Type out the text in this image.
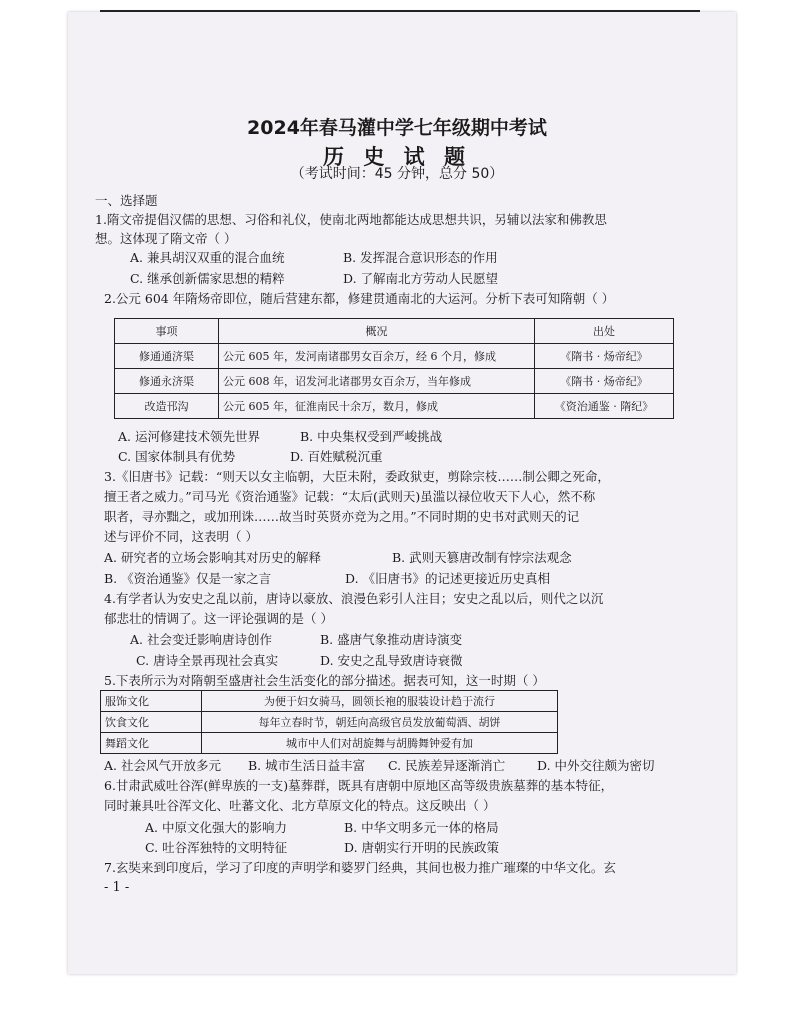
2024年春马灌中学七年级期中考试
历 史 试 题
（考试时间：45 分钟，总分 50）
一、选择题
1.隋文帝提倡汉儒的思想、习俗和礼仪，使南北两地都能达成思想共识，另辅以法家和佛教思
想。这体现了隋文帝（ ）
A. 兼具胡汉双重的混合血统	B. 发挥混合意识形态的作用
C. 继承创新儒家思想的精粹	D. 了解南北方劳动人民愿望
2.公元 604 年隋炀帝即位，随后营建东都，修建贯通南北的大运河。分析下表可知隋朝（ ）
事项	概况	出处
修通通济渠	公元 605 年，发河南诸郡男女百余万，经 6 个月，修成	《隋书 · 炀帝纪》
修通永济渠	公元 608 年，诏发河北诸郡男女百余万，当年修成	《隋书 · 炀帝纪》
改造邗沟	公元 605 年，征淮南民十余万，数月，修成	《资治通鉴 · 隋纪》
A. 运河修建技术领先世界	B. 中央集权受到严峻挑战
C. 国家体制具有优势	D. 百姓赋税沉重
3.《旧唐书》记载：“则天以女主临朝，大臣未附，委政狱吏，剪除宗枝……制公卿之死命，
擅王者之威力。”司马光《资治通鉴》记载：“太后(武则天)虽滥以禄位收天下人心，然不称
职者，寻亦黜之，或加刑诛……故当时英贤亦竞为之用。”不同时期的史书对武则天的记
述与评价不同，这表明（ ）
A. 研究者的立场会影响其对历史的解释	B. 武则天篡唐改制有悖宗法观念
B. 《资治通鉴》仅是一家之言	D. 《旧唐书》的记述更接近历史真相
4.有学者认为安史之乱以前，唐诗以豪放、浪漫色彩引人注目；安史之乱以后，则代之以沉
郁悲壮的情调了。这一评论强调的是（ ）
A. 社会变迁影响唐诗创作	B. 盛唐气象推动唐诗演变
C. 唐诗全景再现社会真实	D. 安史之乱导致唐诗衰微
5.下表所示为对隋朝至盛唐社会生活变化的部分描述。据表可知，这一时期（ ）
服饰文化	为便于妇女骑马，圆领长袍的服装设计趋于流行
饮食文化	每年立春时节，朝廷向高级官员发放葡萄酒、胡饼
舞蹈文化	城市中人们对胡旋舞与胡腾舞钟爱有加
A. 社会风气开放多元 B. 城市生活日益丰富 C. 民族差异逐渐消亡	D. 中外交往颇为密切
6.甘肃武威吐谷浑(鲜卑族的一支)墓葬群，既具有唐朝中原地区高等级贵族墓葬的基本特征，
同时兼具吐谷浑文化、吐蕃文化、北方草原文化的特点。这反映出（ ）
A. 中原文化强大的影响力	B. 中华文明多元一体的格局
C. 吐谷浑独特的文明特征	D. 唐朝实行开明的民族政策
7.玄奘来到印度后，学习了印度的声明学和婆罗门经典，其间也极力推广璀璨的中华文化。玄
- 1 -
